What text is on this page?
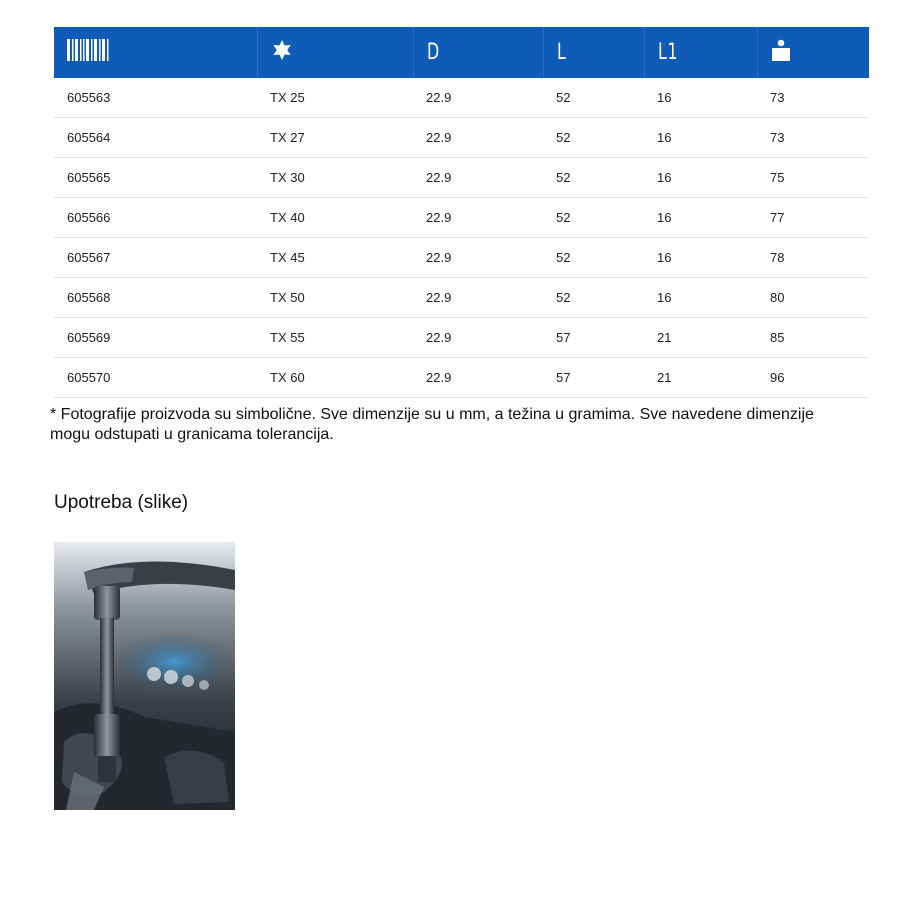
		D	L	L1	
605563	TX 25	22.9	52	16	73
605564	TX 27	22.9	52	16	73
605565	TX 30	22.9	52	16	75
605566	TX 40	22.9	52	16	77
605567	TX 45	22.9	52	16	78
605568	TX 50	22.9	52	16	80
605569	TX 55	22.9	57	21	85
605570	TX 60	22.9	57	21	96
* Fotografije proizvoda su simbolične. Sve dimenzije su u mm, a težina u gramima. Sve navedene dimenzije mogu odstupati u granicama tolerancija.
Upotreba (slike)
